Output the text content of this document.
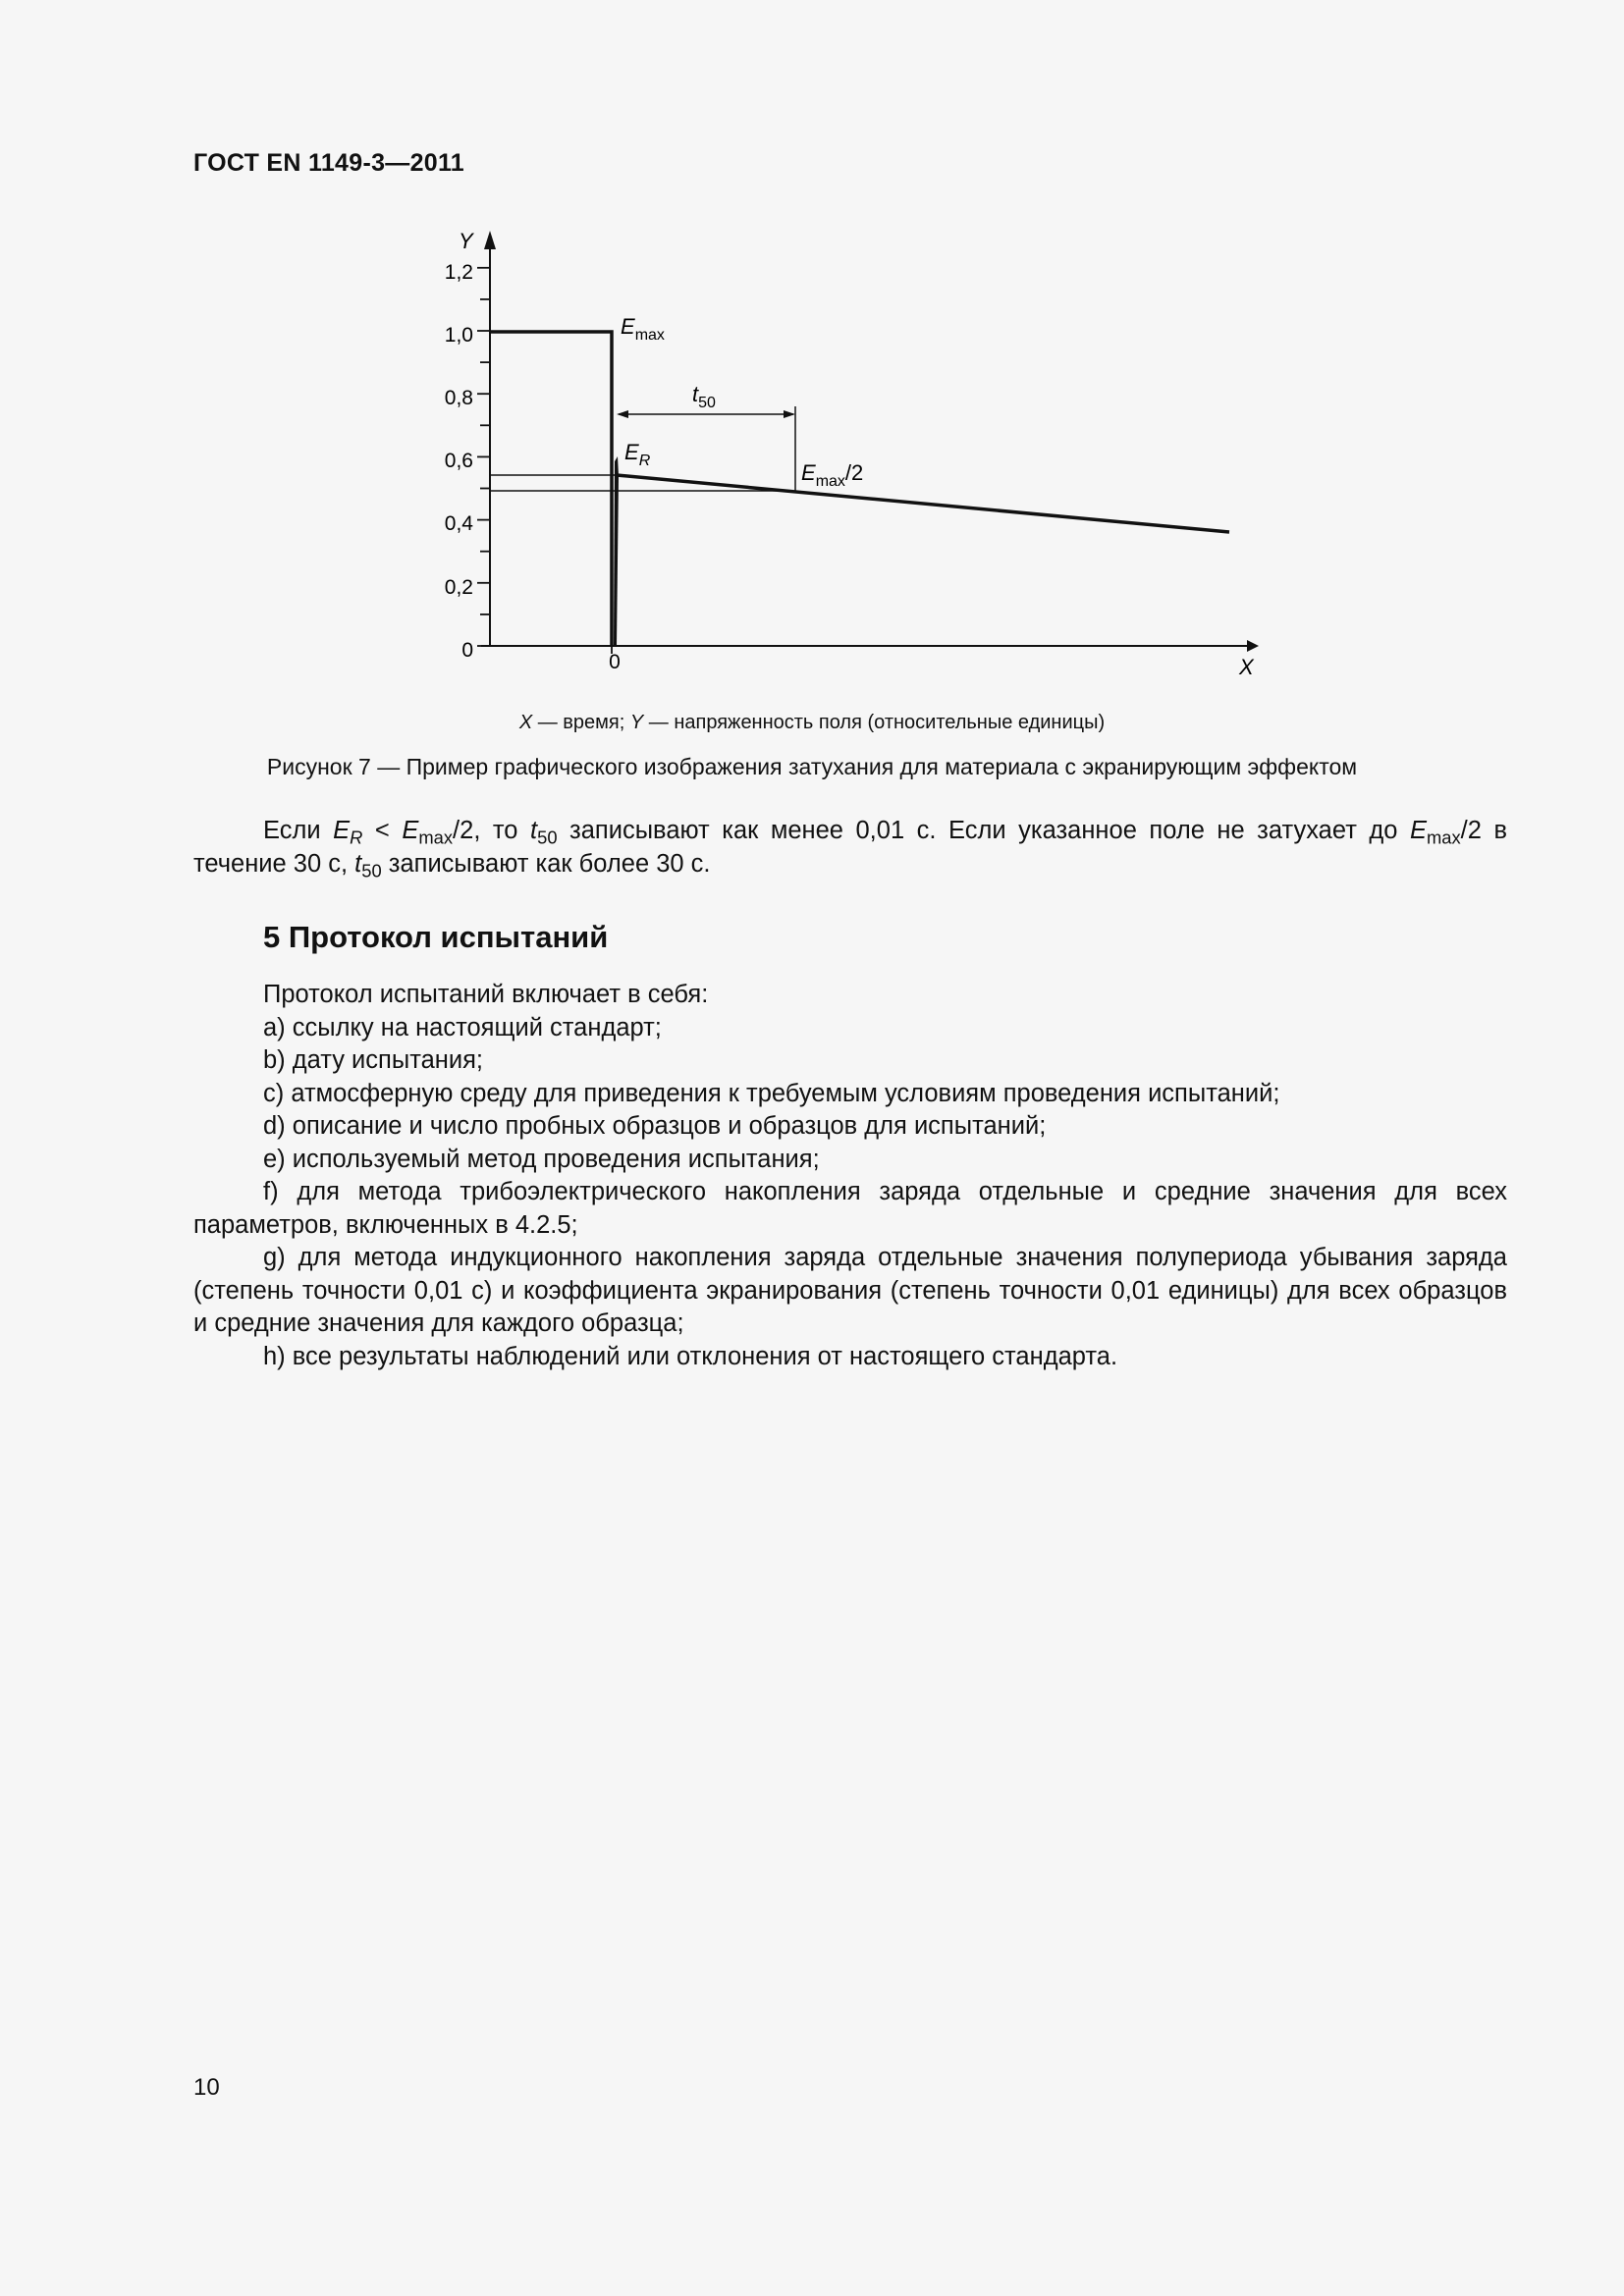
ГОСТ EN 1149-3—2011
1,2
1,0
0,8
0,6
0,4
0,2
0
Y
X
0
$E_{max}$
$t_{50}$
$E_R$	$E_{max}/2$
X — время; Y — напряженность поля (относительные единицы)
Рисунок 7 — Пример графического изображения затухания для материала с экранирующим эффектом

Если $E_R < E_{max}/2$, то $t_{50}$ записывают как менее 0,01 с. Если указанное поле не затухает до $E_{max}/2$ в течение 30 с, $t_{50}$ записывают как более 30 с.

5 Протокол испытаний

Протокол испытаний включает в себя:

a) ссылку на настоящий стандарт;

b) дату испытания;

c) атмосферную среду для приведения к требуемым условиям проведения испытаний;

d) описание и число пробных образцов и образцов для испытаний;

e) используемый метод проведения испытания;

f) для метода трибоэлектрического накопления заряда отдельные и средние значения для всех параметров, включенных в 4.2.5;

g) для метода индукционного накопления заряда отдельные значения полупериода убывания заряда (степень точности 0,01 с) и коэффициента экранирования (степень точности 0,01 единицы) для всех образцов и средние значения для каждого образца;

h) все результаты наблюдений или отклонения от настоящего стандарта.

10
